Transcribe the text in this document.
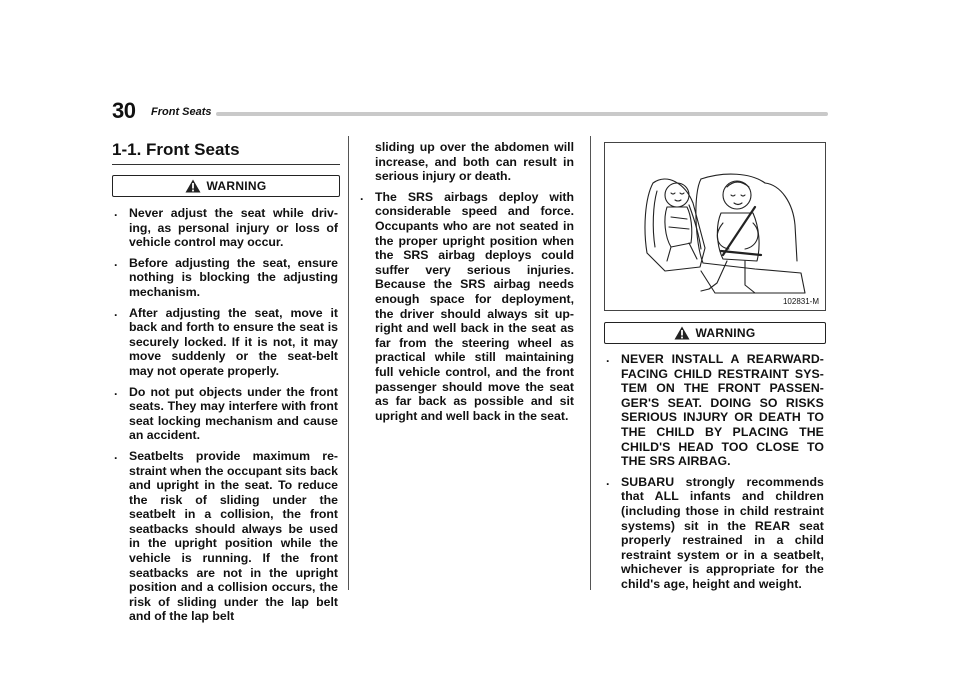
30 Front Seats
1-1. Front Seats
WARNING
. Never adjust the seat while driv-ing, as personal injury or loss of vehicle control may occur.
. Before adjusting the seat, ensure nothing is blocking the adjusting mechanism.
. After adjusting the seat, move it back and forth to ensure the seat is securely locked. If it is not, it may move suddenly or the seat-belt may not operate properly.
. Do not put objects under the front seats. They may interfere with front seat locking mechanism and cause an accident.
. Seatbelts provide maximum re-straint when the occupant sits back and upright in the seat. To reduce the risk of sliding under the seatbelt in a collision, the front seatbacks should always be used in the upright position while the vehicle is running. If the front seatbacks are not in the upright position and a collision occurs, the risk of sliding under the lap belt and of the lap belt

sliding up over the abdomen will increase, and both can result in serious injury or death.

. The SRS airbags deploy with considerable speed and force. Occupants who are not seated in the proper upright position when the SRS airbag deploys could suffer very serious injuries. Because the SRS airbag needs enough space for deployment, the driver should always sit up-right and well back in the seat as far from the steering wheel as practical while still maintaining full vehicle control, and the front passenger should move the seat as far back as possible and sit upright and well back in the seat.
102831-M
WARNING
. NEVER INSTALL A REARWARD-FACING CHILD RESTRAINT SYS-TEM ON THE FRONT PASSEN-GER'S SEAT. DOING SO RISKS SERIOUS INJURY OR DEATH TO THE CHILD BY PLACING THE CHILD'S HEAD TOO CLOSE TO THE SRS AIRBAG.
. SUBARU strongly recommends that ALL infants and children (including those in child restraint systems) sit in the REAR seat properly restrained in a child restraint system or in a seatbelt, whichever is appropriate for the child's age, height and weight.
